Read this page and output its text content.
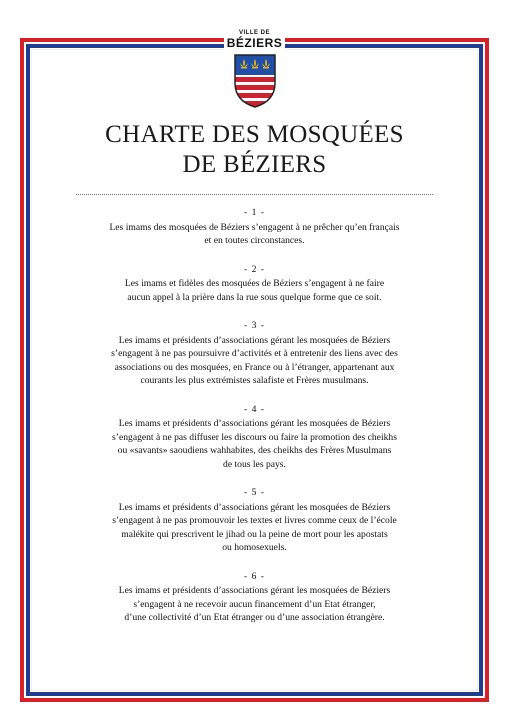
VILLE DE
BÉZIERS
CHARTE DES MOSQUÉES
DE BÉZIERS
- 1 -
Les imams des mosquées de Béziers s’engagent à ne prêcher qu’en français
et en toutes circonstances.
- 2 -
Les imams et fidèles des mosquées de Béziers s’engagent à ne faire
aucun appel à la prière dans la rue sous quelque forme que ce soit.
- 3 -
Les imams et présidents d’associations gérant les mosquées de Béziers
s’engagent à ne pas poursuivre d’activités et à entretenir des liens avec des
associations ou des mosquées, en France ou à l’étranger, appartenant aux
courants les plus extrémistes salafiste et Frères musulmans.
- 4 -
Les imams et présidents d’associations gérant les mosquées de Béziers
s’engagent à ne pas diffuser les discours ou faire la promotion des cheikhs
ou «savants» saoudiens wahhabites, des cheikhs des Frères Musulmans
de tous les pays.
- 5 -
Les imams et présidents d’associations gérant les mosquées de Béziers
s’engagent à ne pas promouvoir les textes et livres comme ceux de l’école
malékite qui prescrivent le jihad ou la peine de mort pour les apostats
ou homosexuels.
- 6 -
Les imams et présidents d’associations gérant les mosquées de Béziers
s’engagent à ne recevoir aucun financement d’un Etat étranger,
d’une collectivité d’un Etat étranger ou d’une association étrangère.
